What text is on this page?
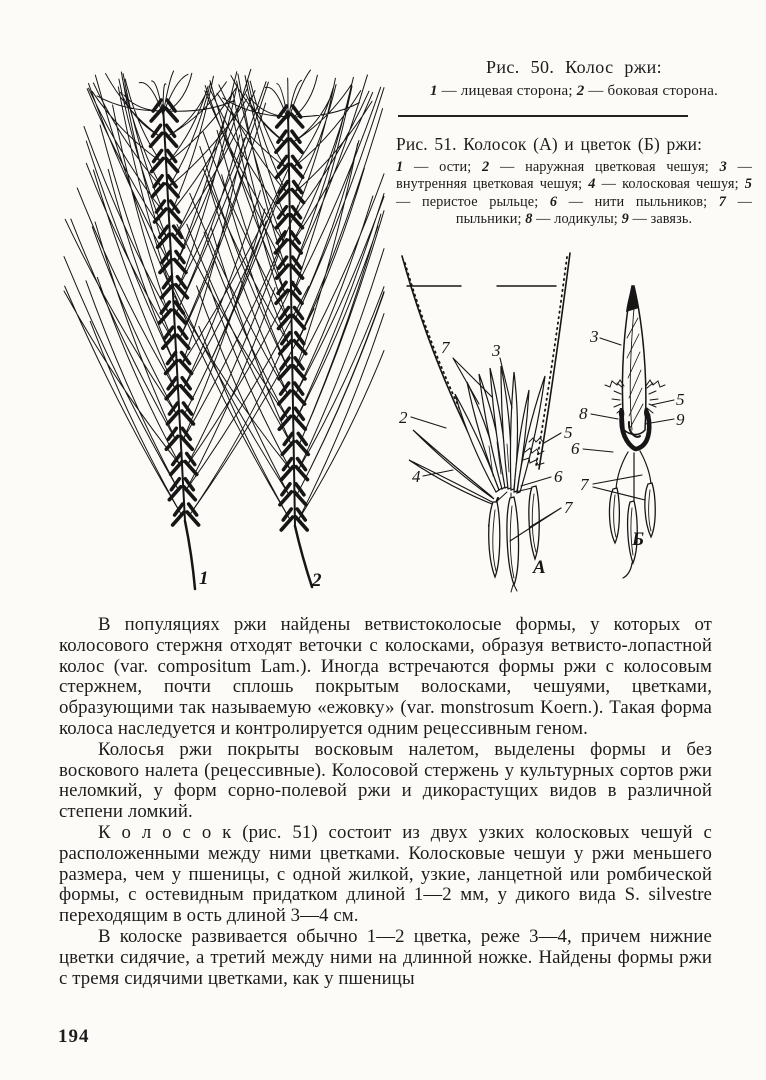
1	2
Рис. 50. Колос ржи:
1 — лицевая сторона; 2 — боковая сторона.
Рис. 51. Колосок (А) и цветок (Б) ржи:
1 — ости; 2 — наружная цветковая чешуя; 3 — внутренняя цветковая чешуя; 4 — колосковая чешуя; 5 — перистое рыльце; 6 — нити пыльников; 7 — пыльники; 8 — лодикулы; 9 — завязь.
7	3
2
5
4	6
7
А
3
5
8	9
6
7
Б

В популяциях ржи найдены ветвистоколосые формы, у которых от колосового стержня отходят веточки с колосками, образуя ветвисто-лопастной колос (var. compositum Lam.). Иногда встречаются формы ржи с колосовым стержнем, почти сплошь покрытым волосками, чешуями, цветками, образующими так называемую «ежовку» (var. monstrosum Koern.). Такая форма колоса наследуется и контролируется одним рецессивным геном.

Колосья ржи покрыты восковым налетом, выделены формы и без воскового налета (рецессивные). Колосовой стержень у культурных сортов ржи неломкий, у форм сорно-полевой ржи и дикорастущих видов в различной степени ломкий.

К о л о с о к (рис. 51) состоит из двух узких колосковых чешуй с расположенными между ними цветками. Колосковые чешуи у ржи меньшего размера, чем у пшеницы, с одной жилкой, узкие, ланцетной или ромбической формы, с остевидным придатком длиной 1—2 мм, у дикого вида S. silvestre переходящим в ость длиной 3—4 см.

В колоске развивается обычно 1—2 цветка, реже 3—4, причем нижние цветки сидячие, а третий между ними на длинной ножке. Найдены формы ржи с тремя сидячими цветками, как у пшеницы

194
